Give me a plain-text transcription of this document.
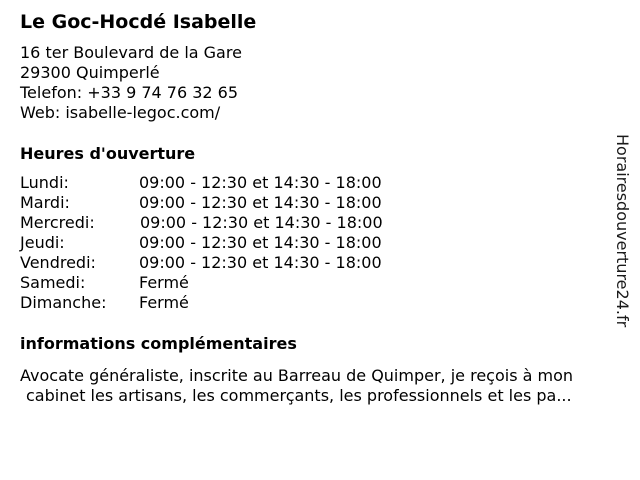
Le Goc-Hocdé Isabelle
16 ter Boulevard de la Gare
29300 Quimperlé
Telefon: +33 9 74 76 32 65
Web: isabelle-legoc.com/
Heures d'ouverture
Lundi:	09:00 - 12:30 et 14:30 - 18:00
Mardi:	09:00 - 12:30 et 14:30 - 18:00
Mercredi:	09:00 - 12:30 et 14:30 - 18:00
Jeudi:	09:00 - 12:30 et 14:30 - 18:00
Vendredi:	09:00 - 12:30 et 14:30 - 18:00
Samedi:	Fermé
Dimanche: Fermé
informations complémentaires
Avocate généraliste, inscrite au Barreau de Quimper, je reçois à mon
cabinet les artisans, les commerçants, les professionnels et les pa...
Horairesdouverture24.fr
